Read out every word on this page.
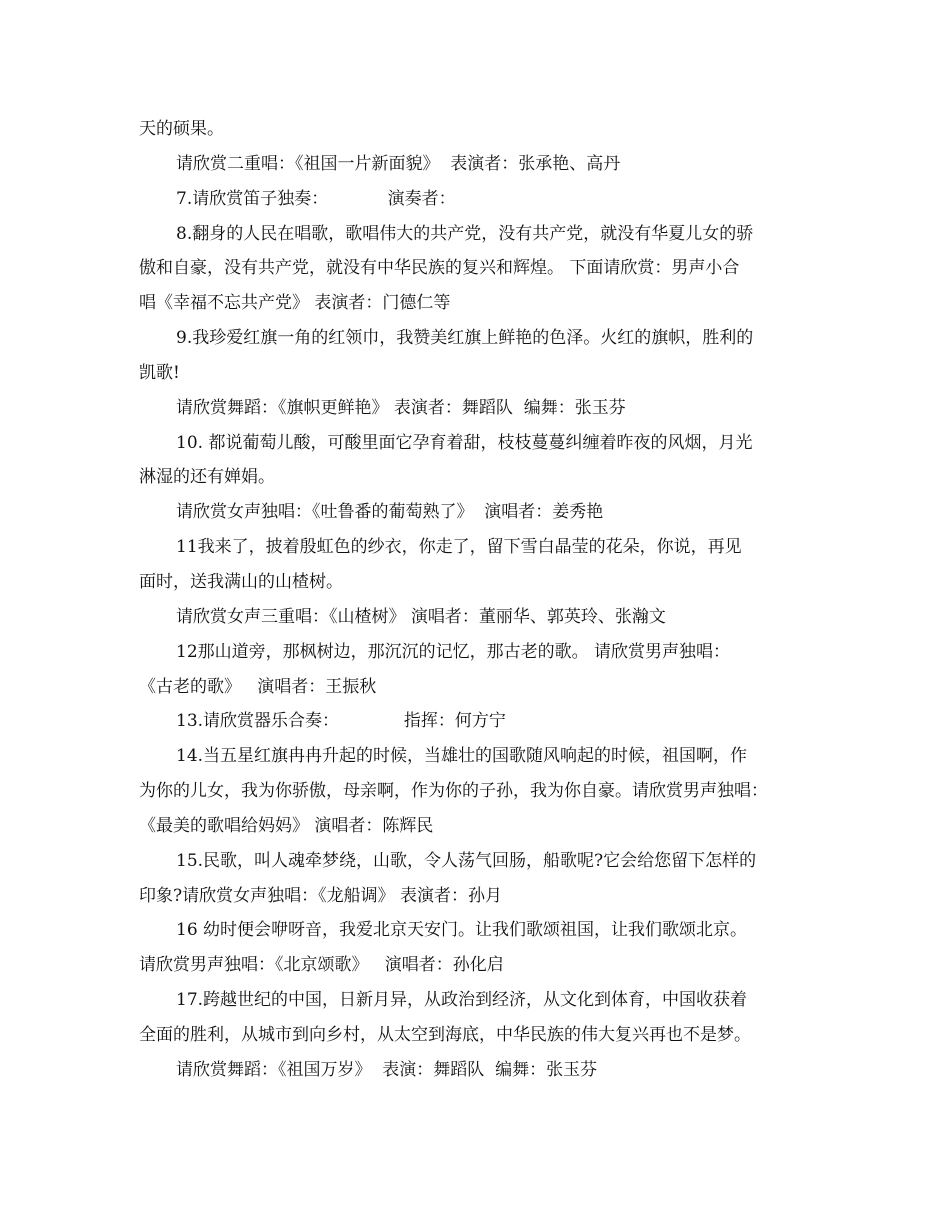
天的硕果。
请欣赏二重唱：《祖国一片新面貌》  表演者：张承艳、高丹
7.请欣赏笛子独奏：           演奏者：
8.翻身的人民在唱歌，歌唱伟大的共产党，没有共产党，就没有华夏儿女的骄
傲和自豪，没有共产党，就没有中华民族的复兴和辉煌。 下面请欣赏：男声小合
唱《幸福不忘共产党》 表演者：门德仁等
9.我珍爱红旗一角的红领巾，我赞美红旗上鲜艳的色泽。火红的旗帜，胜利的
凯歌!
请欣赏舞蹈：《旗帜更鲜艳》 表演者：舞蹈队  编舞：张玉芬
10. 都说葡萄儿酸，可酸里面它孕育着甜，枝枝蔓蔓纠缠着昨夜的风烟，月光
淋湿的还有婵娟。
请欣赏女声独唱：《吐鲁番的葡萄熟了》  演唱者：姜秀艳
11我来了，披着殷虹色的纱衣，你走了，留下雪白晶莹的花朵，你说，再见
面时，送我满山的山楂树。
请欣赏女声三重唱：《山楂树》 演唱者：董丽华、郭英玲、张瀚文
12那山道旁，那枫树边，那沉沉的记忆，那古老的歌。 请欣赏男声独唱：
《古老的歌》   演唱者：王振秋
13.请欣赏器乐合奏：            指挥：何方宁
14.当五星红旗冉冉升起的时候，当雄壮的国歌随风响起的时候，祖国啊，作
为你的儿女，我为你骄傲，母亲啊，作为你的子孙，我为你自豪。请欣赏男声独唱：
《最美的歌唱给妈妈》 演唱者：陈辉民
15.民歌，叫人魂牵梦绕，山歌，令人荡气回肠，船歌呢?它会给您留下怎样的
印象?请欣赏女声独唱：《龙船调》 表演者：孙月
16 幼时便会咿呀音，我爱北京天安门。让我们歌颂祖国，让我们歌颂北京。
请欣赏男声独唱：《北京颂歌》   演唱者：孙化启
17.跨越世纪的中国，日新月异，从政治到经济，从文化到体育，中国收获着
全面的胜利，从城市到向乡村，从太空到海底，中华民族的伟大复兴再也不是梦。
请欣赏舞蹈：《祖国万岁》  表演：舞蹈队  编舞：张玉芬
